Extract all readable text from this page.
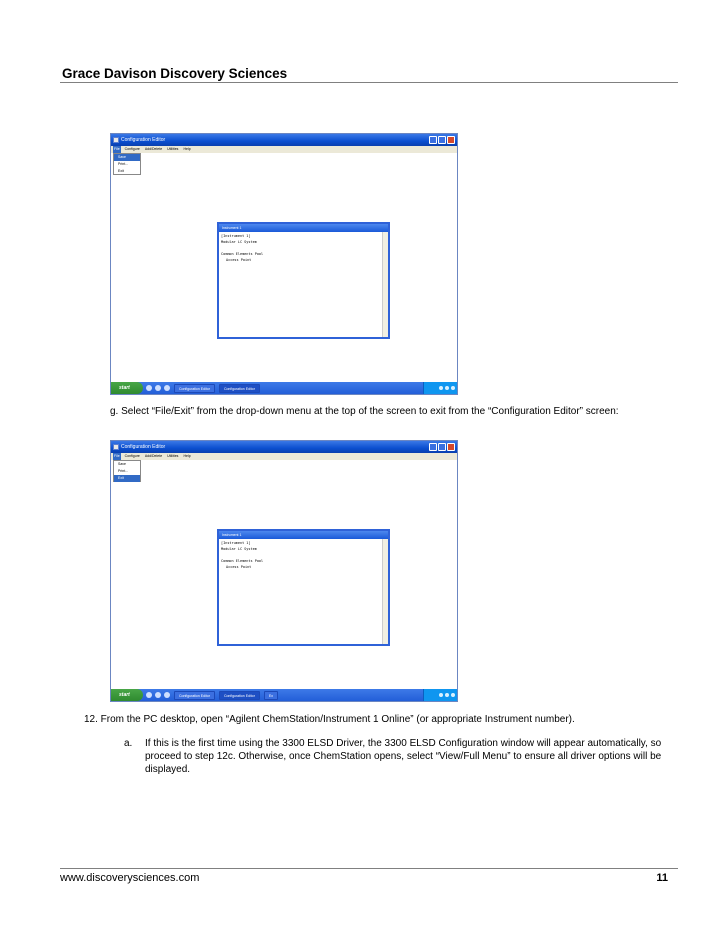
Grace Davison Discovery Sciences
Configuration Editor
File Configure Add/Delete Utilities Help
Save
Print...
Exit
Instrument 1
[Instrument 1]
Modular LC System
Common Elements Pool
Access Point
start	Configuration Editor	Configuration Editor
g. Select “File/Exit” from the drop-down menu at the top of the screen to exit from the “Configuration Editor” screen:
Configuration Editor
File Configure Add/Delete Utilities Help
Save
Print...
Exit
Instrument 1
[Instrument 1]
Modular LC System
Common Elements Pool
Access Point
start	Configuration Editor	Configuration Editor	Ex
12. From the PC desktop, open “Agilent ChemStation/Instrument 1 Online” (or appropriate Instrument number).
a. If this is the first time using the 3300 ELSD Driver, the 3300 ELSD Configuration window will appear automatically, so proceed to step 12c. Otherwise, once ChemStation opens, select “View/Full Menu” to ensure all driver options will be displayed.
www.discoverysciences.com	11
